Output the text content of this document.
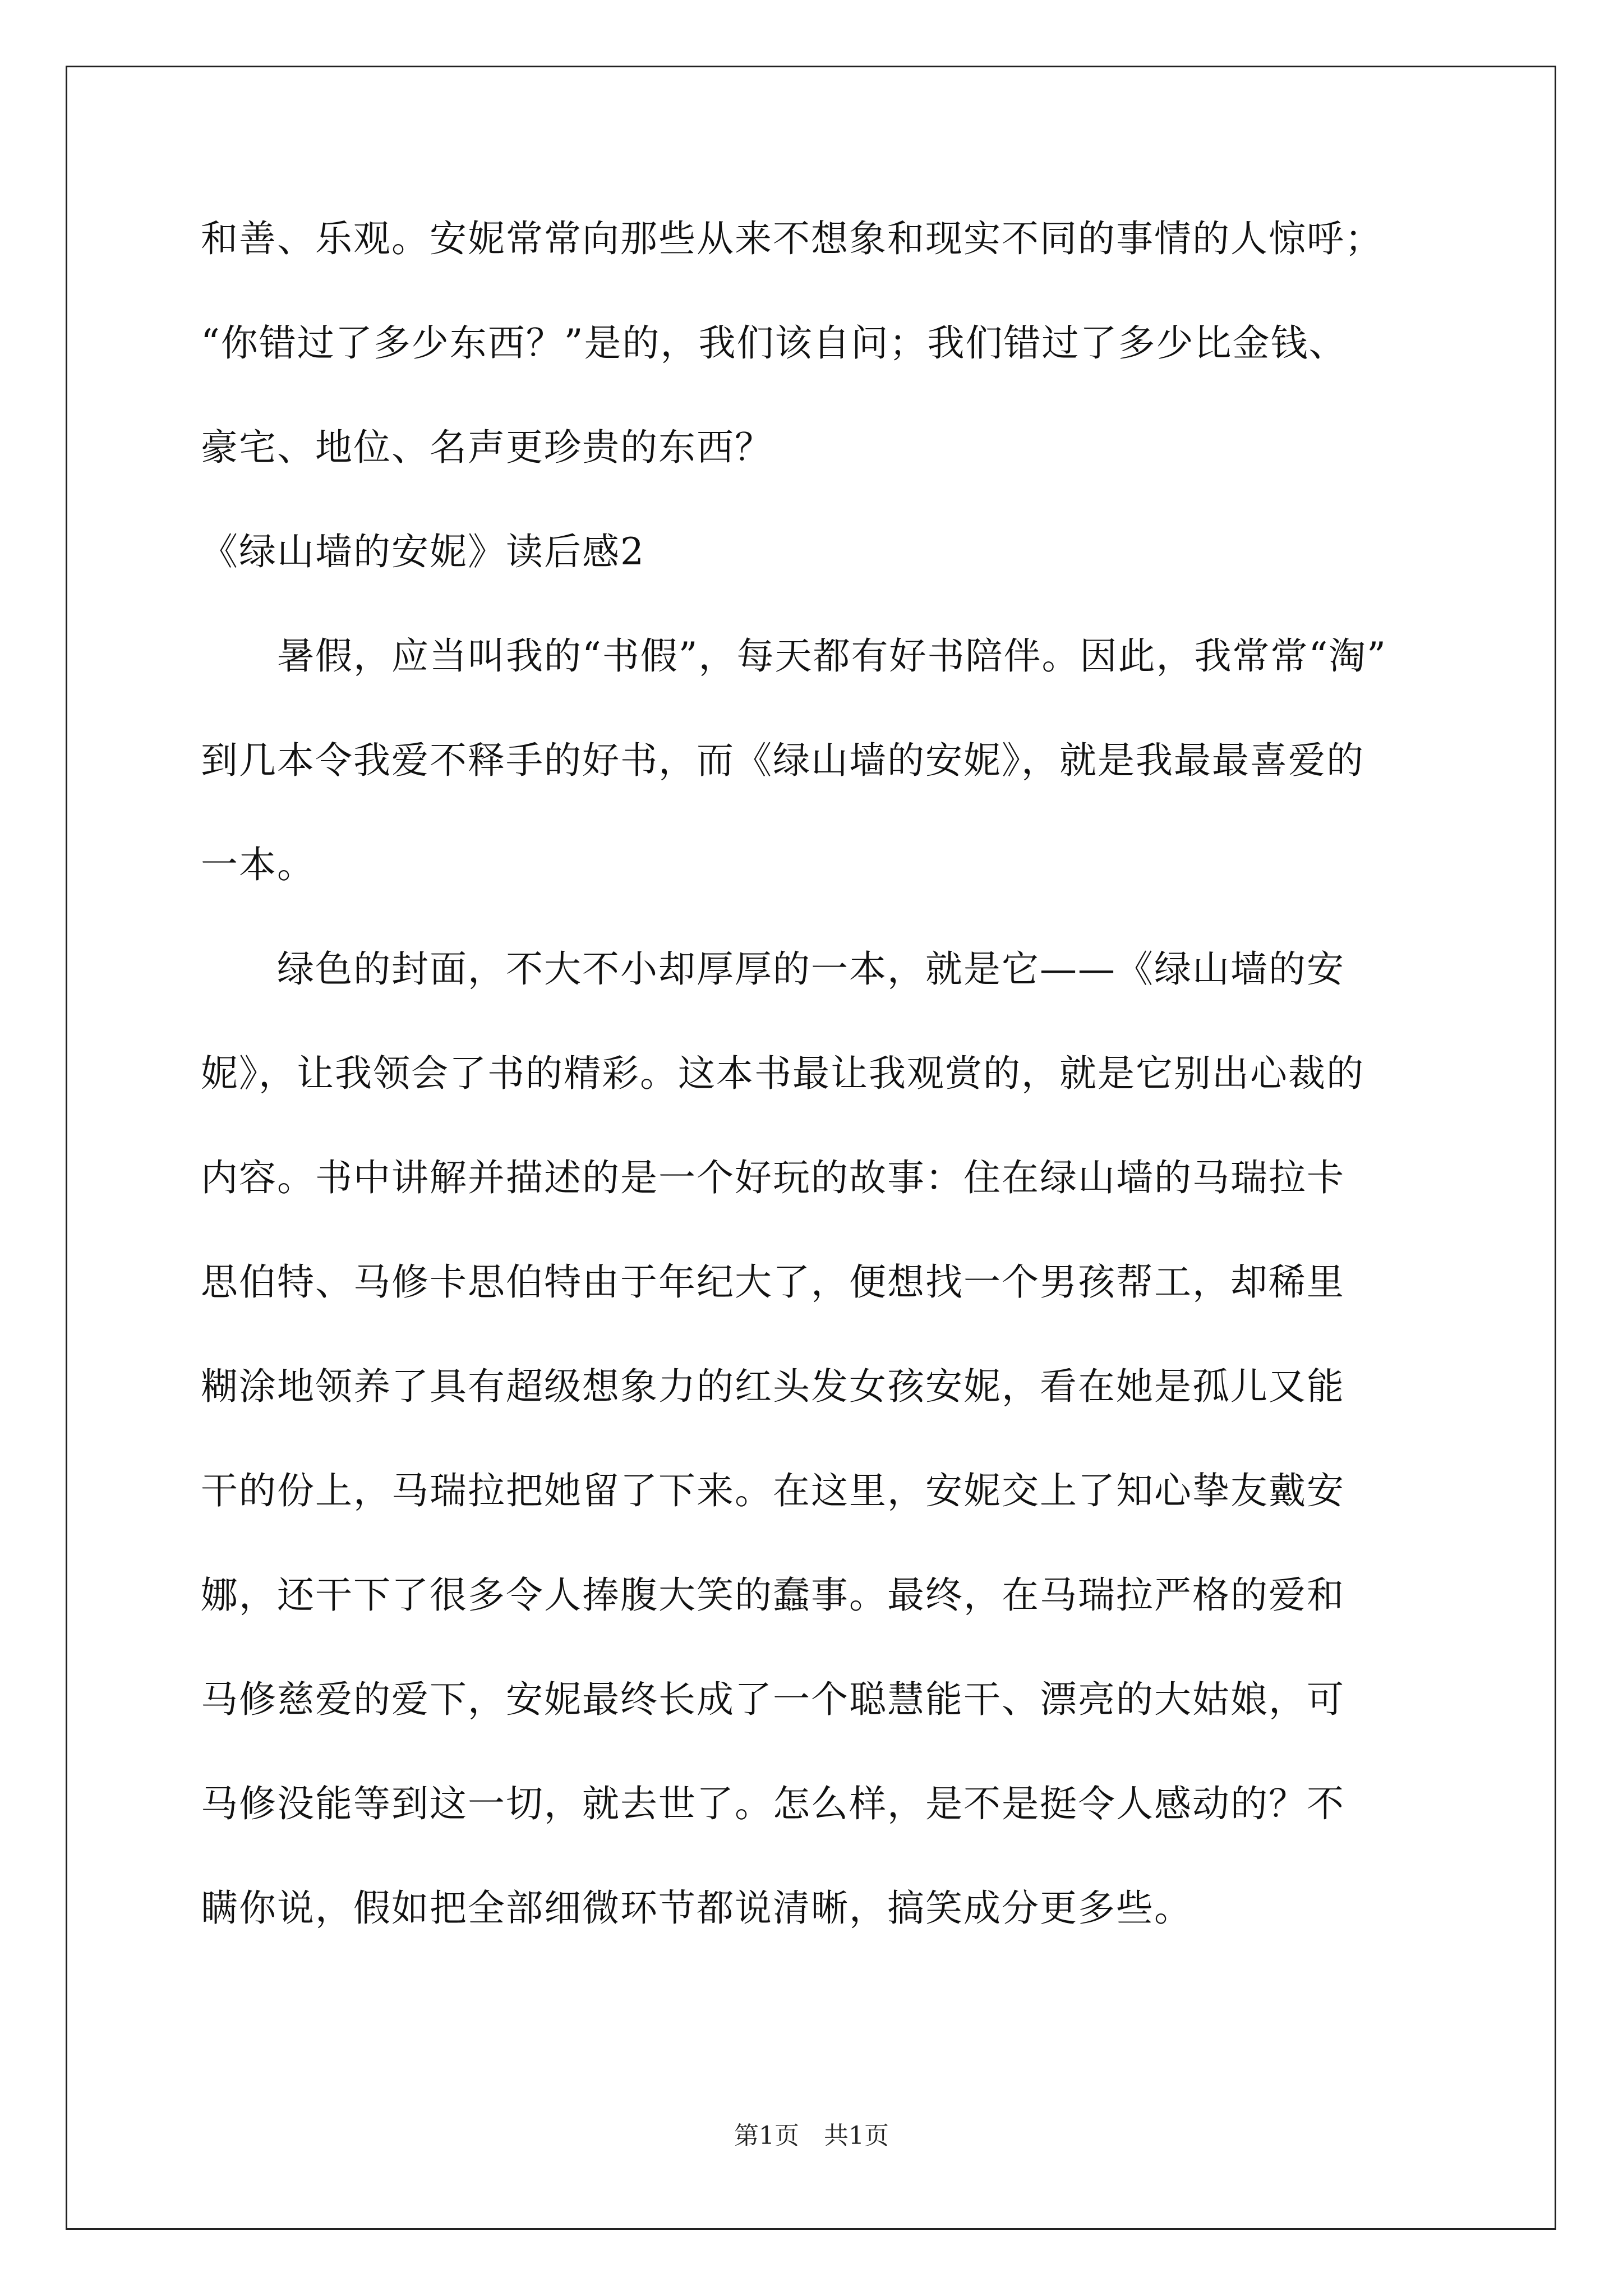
和善、乐观。安妮常常向那些从来不想象和现实不同的事情的人惊呼；
“你错过了多少东西？”是的，我们该自问；我们错过了多少比金钱、
豪宅、地位、名声更珍贵的东西？
《绿山墙的安妮》读后感2
　　暑假，应当叫我的“书假”，每天都有好书陪伴。因此，我常常“淘”
到几本令我爱不释手的好书，而《绿山墙的安妮》，就是我最最喜爱的
一本。
　　绿色的封面，不大不小却厚厚的一本，就是它——《绿山墙的安
妮》，让我领会了书的精彩。这本书最让我观赏的，就是它别出心裁的
内容。书中讲解并描述的是一个好玩的故事：住在绿山墙的马瑞拉卡
思伯特、马修卡思伯特由于年纪大了，便想找一个男孩帮工，却稀里
糊涂地领养了具有超级想象力的红头发女孩安妮，看在她是孤儿又能
干的份上，马瑞拉把她留了下来。在这里，安妮交上了知心挚友戴安
娜，还干下了很多令人捧腹大笑的蠢事。最终，在马瑞拉严格的爱和
马修慈爱的爱下，安妮最终长成了一个聪慧能干、漂亮的大姑娘，可
马修没能等到这一切，就去世了。怎么样，是不是挺令人感动的？不
瞒你说，假如把全部细微环节都说清晰，搞笑成分更多些。
第1页　共1页
